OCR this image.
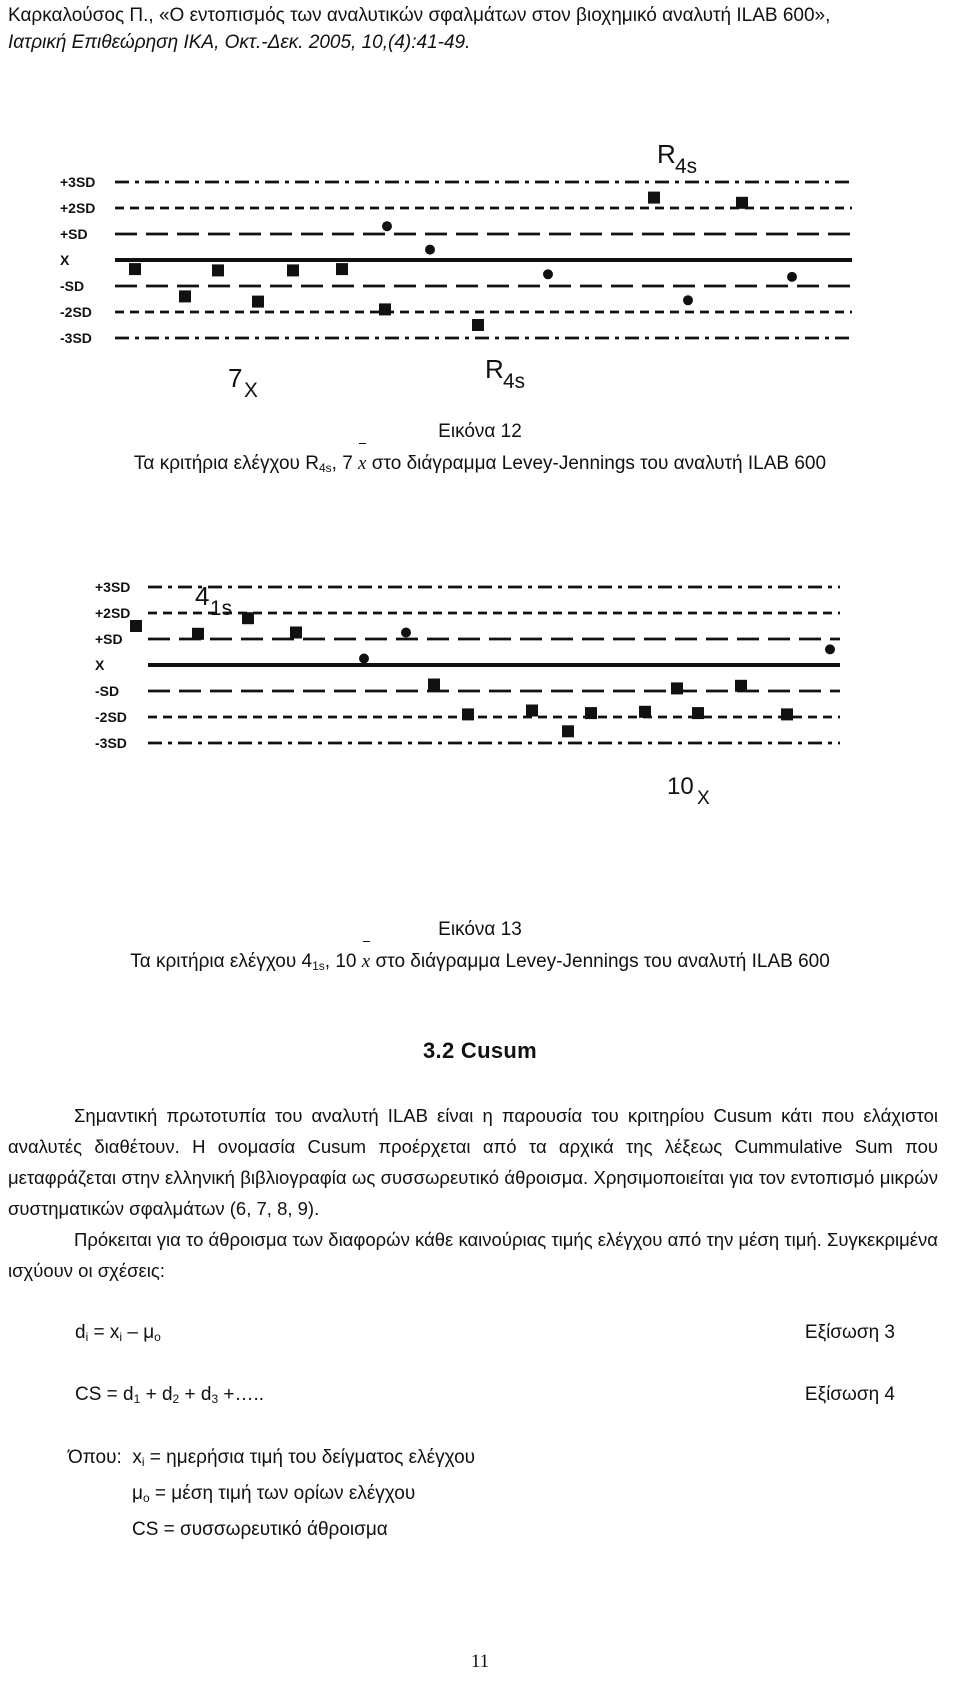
Καρκαλούσος Π., «Ο εντοπισμός των αναλυτικών σφαλμάτων στον βιοχημικό αναλυτή ILAB 600»,
Ιατρική Επιθεώρηση ΙΚΑ, Οκτ.-Δεκ. 2005, 10,(4):41-49.
+3SD
+2SD
+SD
X
-SD
-2SD
-3SD
R 4s
R 4s
7 X
Εικόνα 12
Τα κριτήρια ελέγχου $R_{4s}$, 7 x στο διάγραμμα Levey-Jennings του αναλυτή ILAB 600
+3SD
+2SD
+SD
X
-SD
-2SD
-3SD
4 1s
10 X
Εικόνα 13
Τα κριτήρια ελέγχου $4_{1s}$, 10 x στο διάγραμμα Levey-Jennings του αναλυτή ILAB 600
3.2 Cusum

Σημαντική πρωτοτυπία του αναλυτή ILAB είναι η παρουσία του κριτηρίου Cusum κάτι που ελάχιστοι αναλυτές διαθέτουν. Η ονομασία Cusum προέρχεται από τα αρχικά της λέξεως Cummulative Sum που μεταφράζεται στην ελληνική βιβλιογραφία ως συσσωρευτικό άθροισμα. Χρησιμοποιείται για τον εντοπισμό μικρών συστηματικών σφαλμάτων (6, 7, 8, 9).

Πρόκειται για το άθροισμα των διαφορών κάθε καινούριας τιμής ελέγχου από την μέση τιμή. Συγκεκριμένα ισχύουν οι σχέσεις:

$d_i = x_i - \mu_o$	Εξίσωση 3
CS = $d_1 + d_2 + d_3$ +…..	Εξίσωση 4
Όπου: $x_i = \eta\mu\varepsilon\rho ή\sigma\iota\alpha$ τιμή του δείγματος ελέγχου
$\mu_o = \mu έ\sigma\eta$ τιμή των ορίων ελέγχου
CS = συσσωρευτικό άθροισμα
11
